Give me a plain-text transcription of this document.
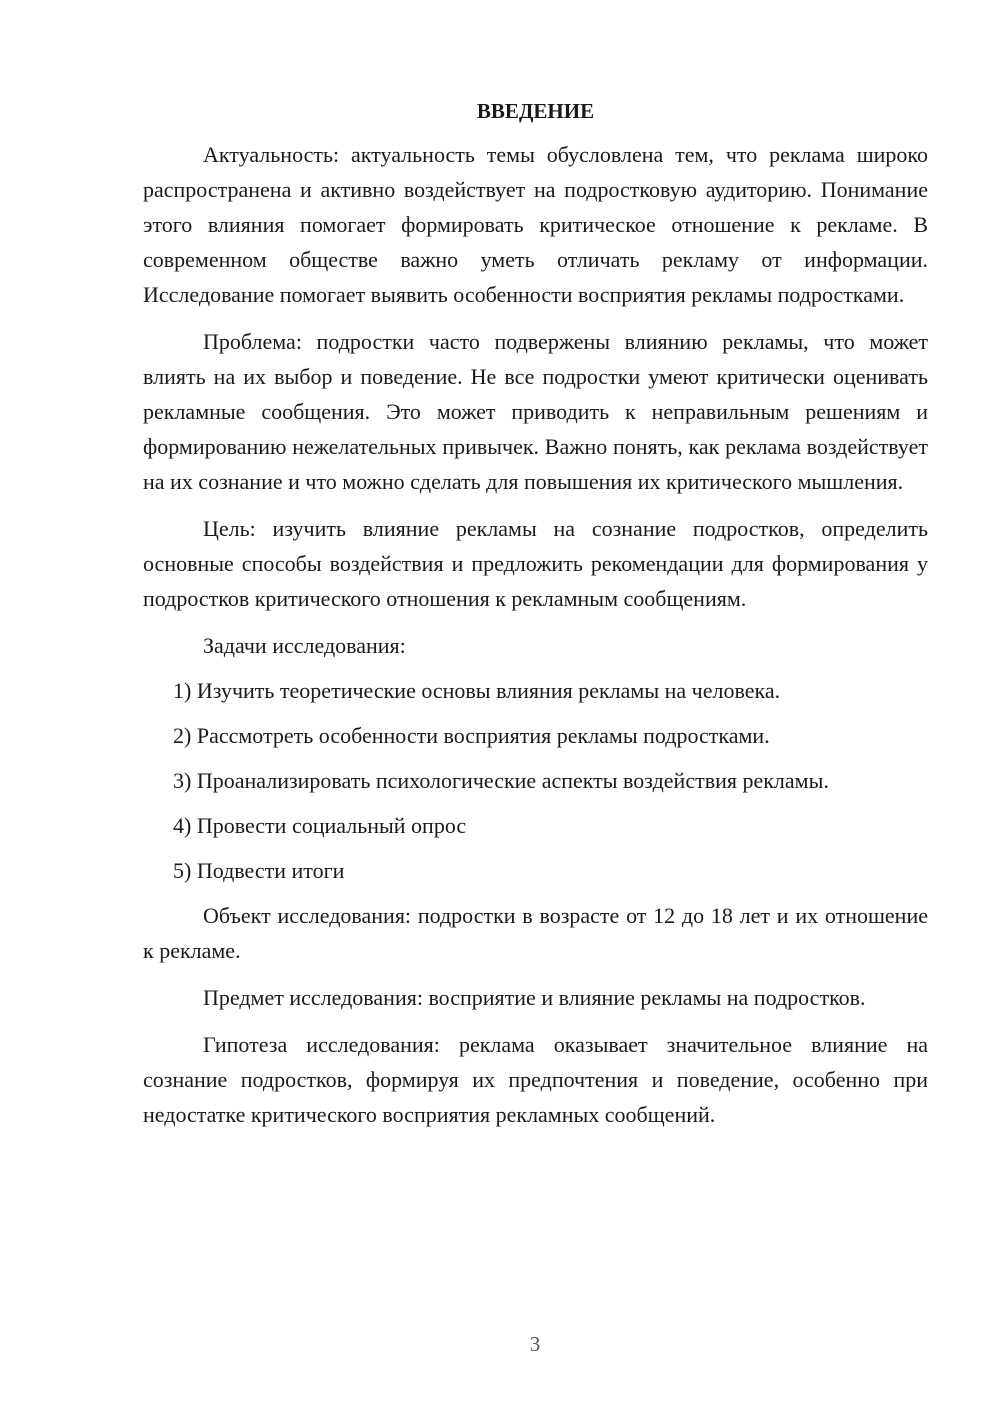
ВВЕДЕНИЕ

Актуальность: актуальность темы обусловлена тем, что реклама широко распространена и активно воздействует на подростковую аудиторию. Понимание этого влияния помогает формировать критическое отношение к рекламе. В современном обществе важно уметь отличать рекламу от информации. Исследование помогает выявить особенности восприятия рекламы подростками.

Проблема: подростки часто подвержены влиянию рекламы, что может влиять на их выбор и поведение. Не все подростки умеют критически оценивать рекламные сообщения. Это может приводить к неправильным решениям и формированию нежелательных привычек. Важно понять, как реклама воздействует на их сознание и что можно сделать для повышения их критического мышления.

Цель: изучить влияние рекламы на сознание подростков, определить основные способы воздействия и предложить рекомендации для формирования у подростков критического отношения к рекламным сообщениям.

Задачи исследования:

1) Изучить теоретические основы влияния рекламы на человека.
2) Рассмотреть особенности восприятия рекламы подростками.
3) Проанализировать психологические аспекты воздействия рекламы.
4) Провести социальный опрос
5) Подвести итоги

Объект исследования: подростки в возрасте от 12 до 18 лет и их отношение к рекламе.

Предмет исследования: восприятие и влияние рекламы на подростков.

Гипотеза исследования: реклама оказывает значительное влияние на сознание подростков, формируя их предпочтения и поведение, особенно при недостатке критического восприятия рекламных сообщений.

3
